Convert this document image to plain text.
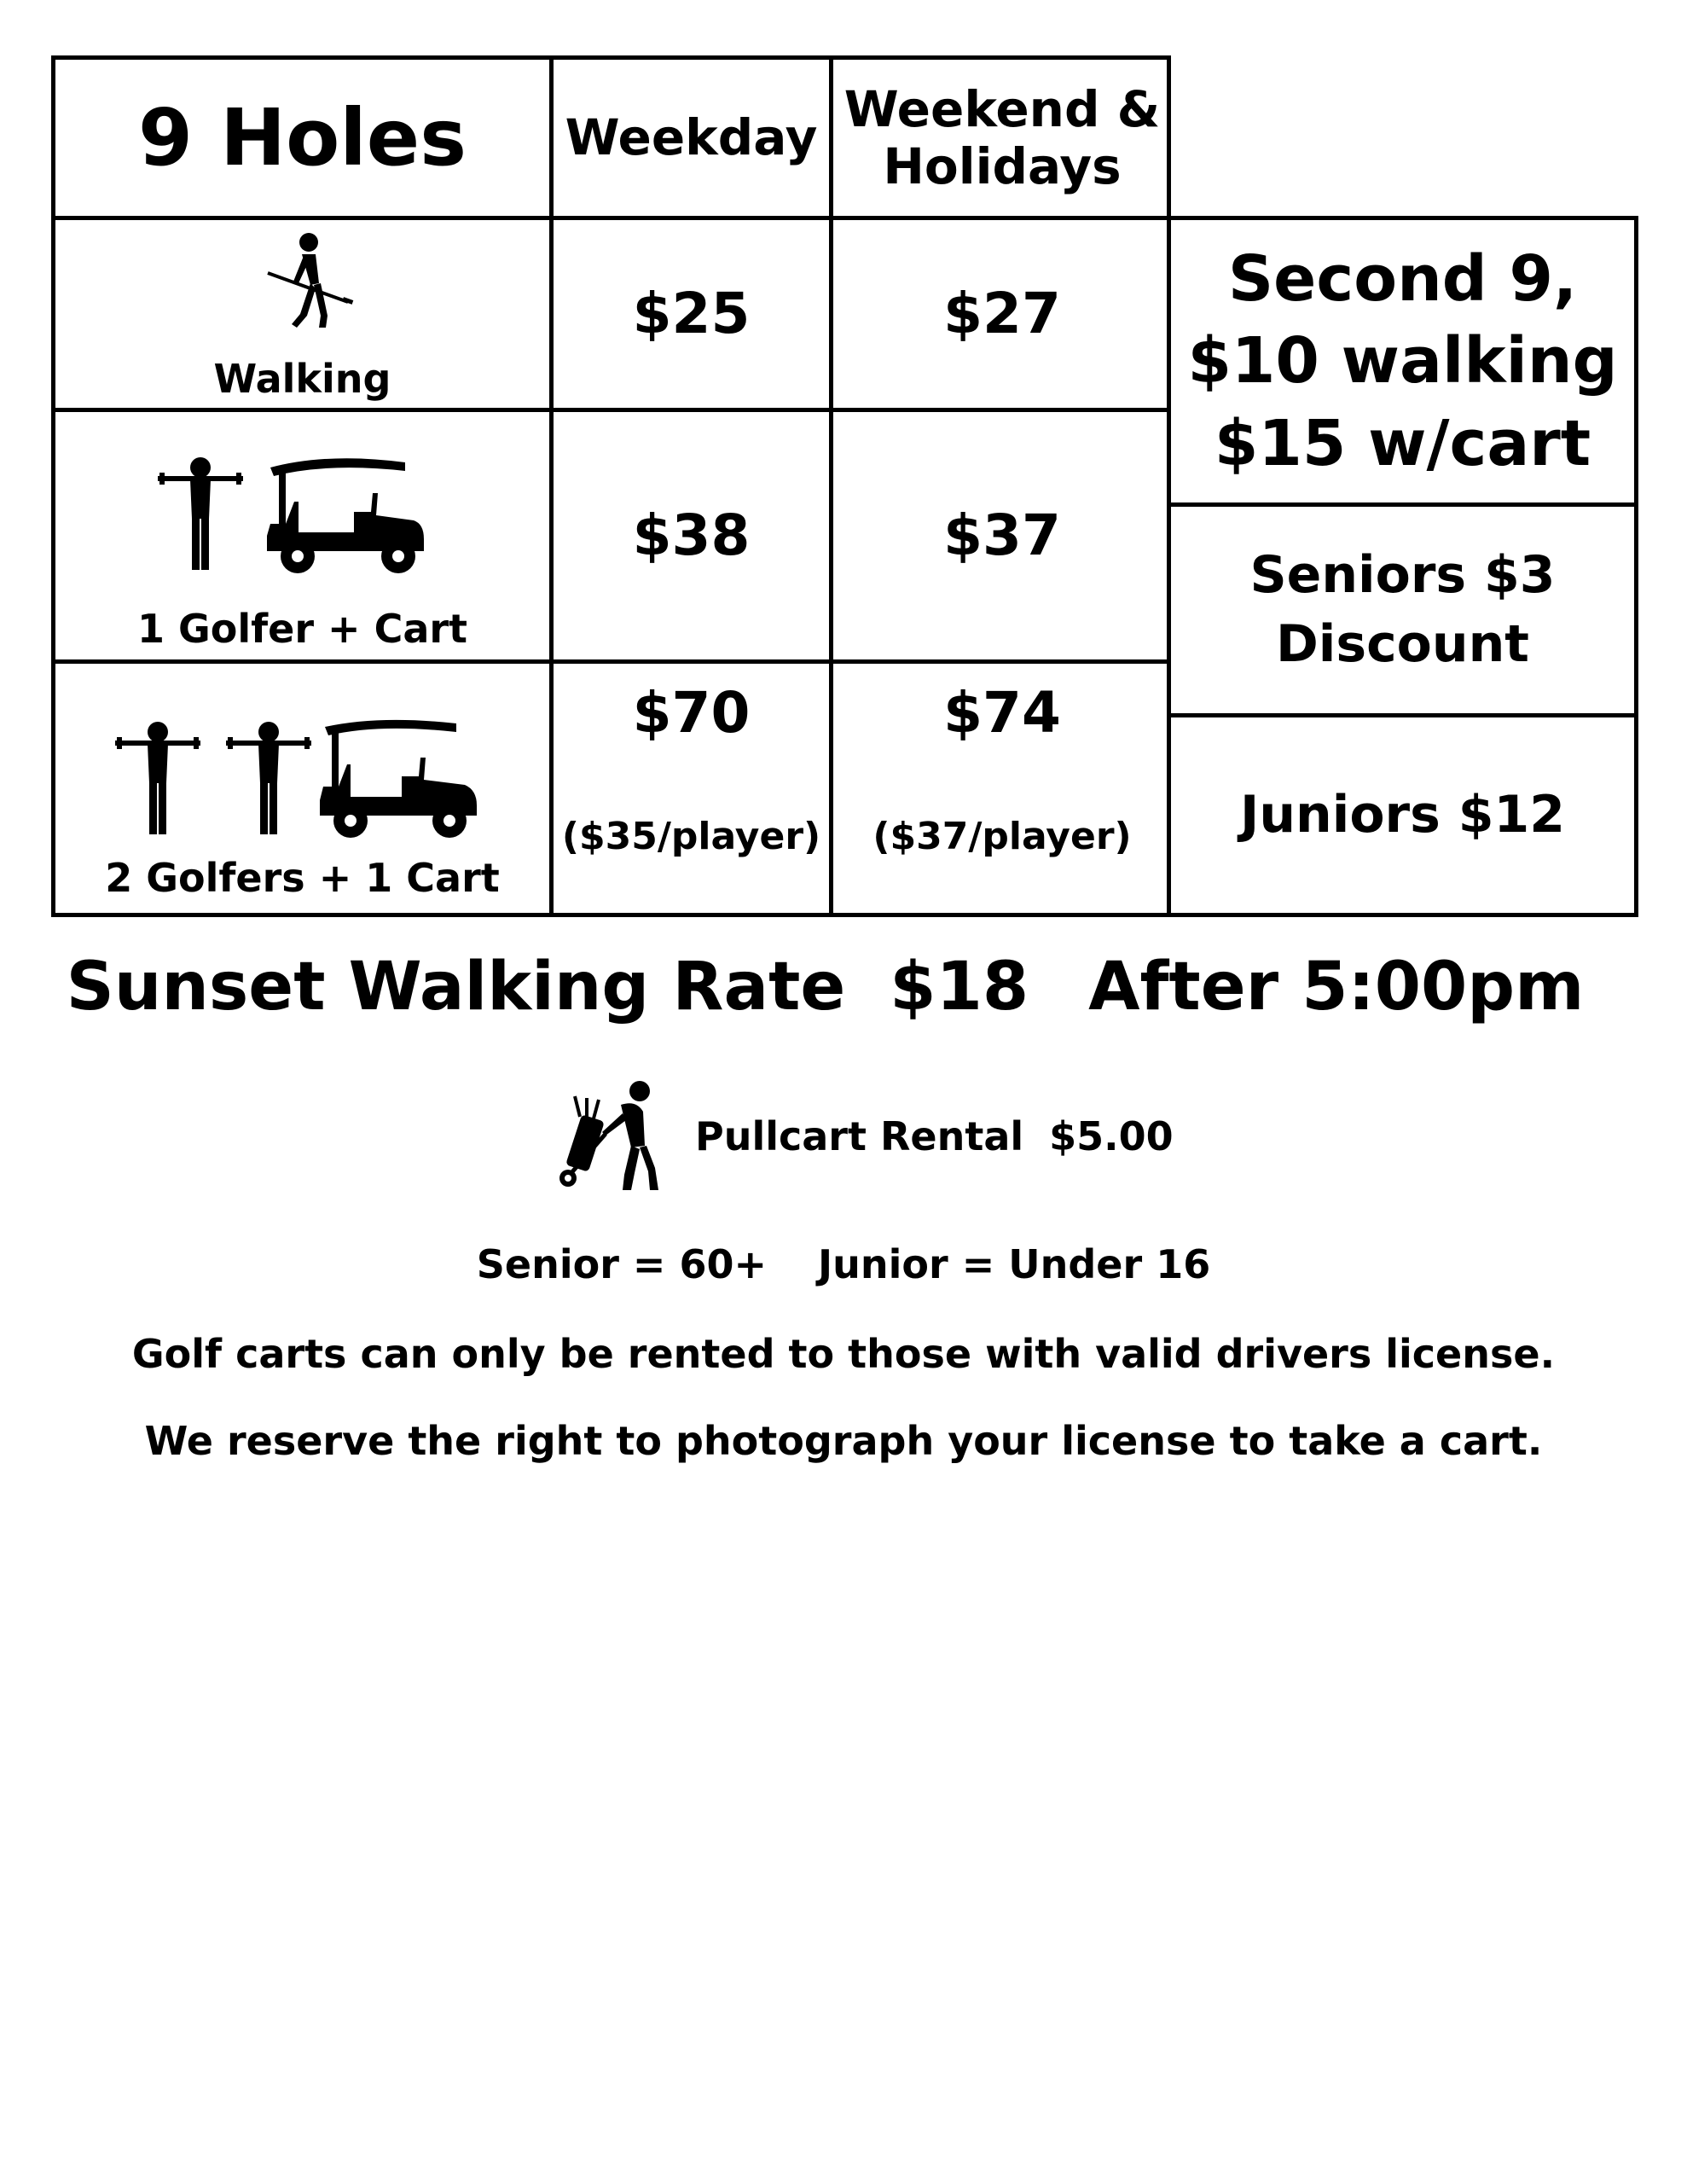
9 Holes Weekday Weekend &
Holidays
Walking
$25	$27
1 Golfer + Cart
$38	$37
2 Golfers + 1 Cart
$70
($35/player)
$74
($37/player)
Second 9,
$10 walking
$15 w/cart
Seniors $3
Discount
Juniors $12
Sunset Walking Rate $18 After 5:00pm
Pullcart Rental $5.00
Senior = 60+ Junior = Under 16
Golf carts can only be rented to those with valid drivers license.
We reserve the right to photograph your license to take a cart.
